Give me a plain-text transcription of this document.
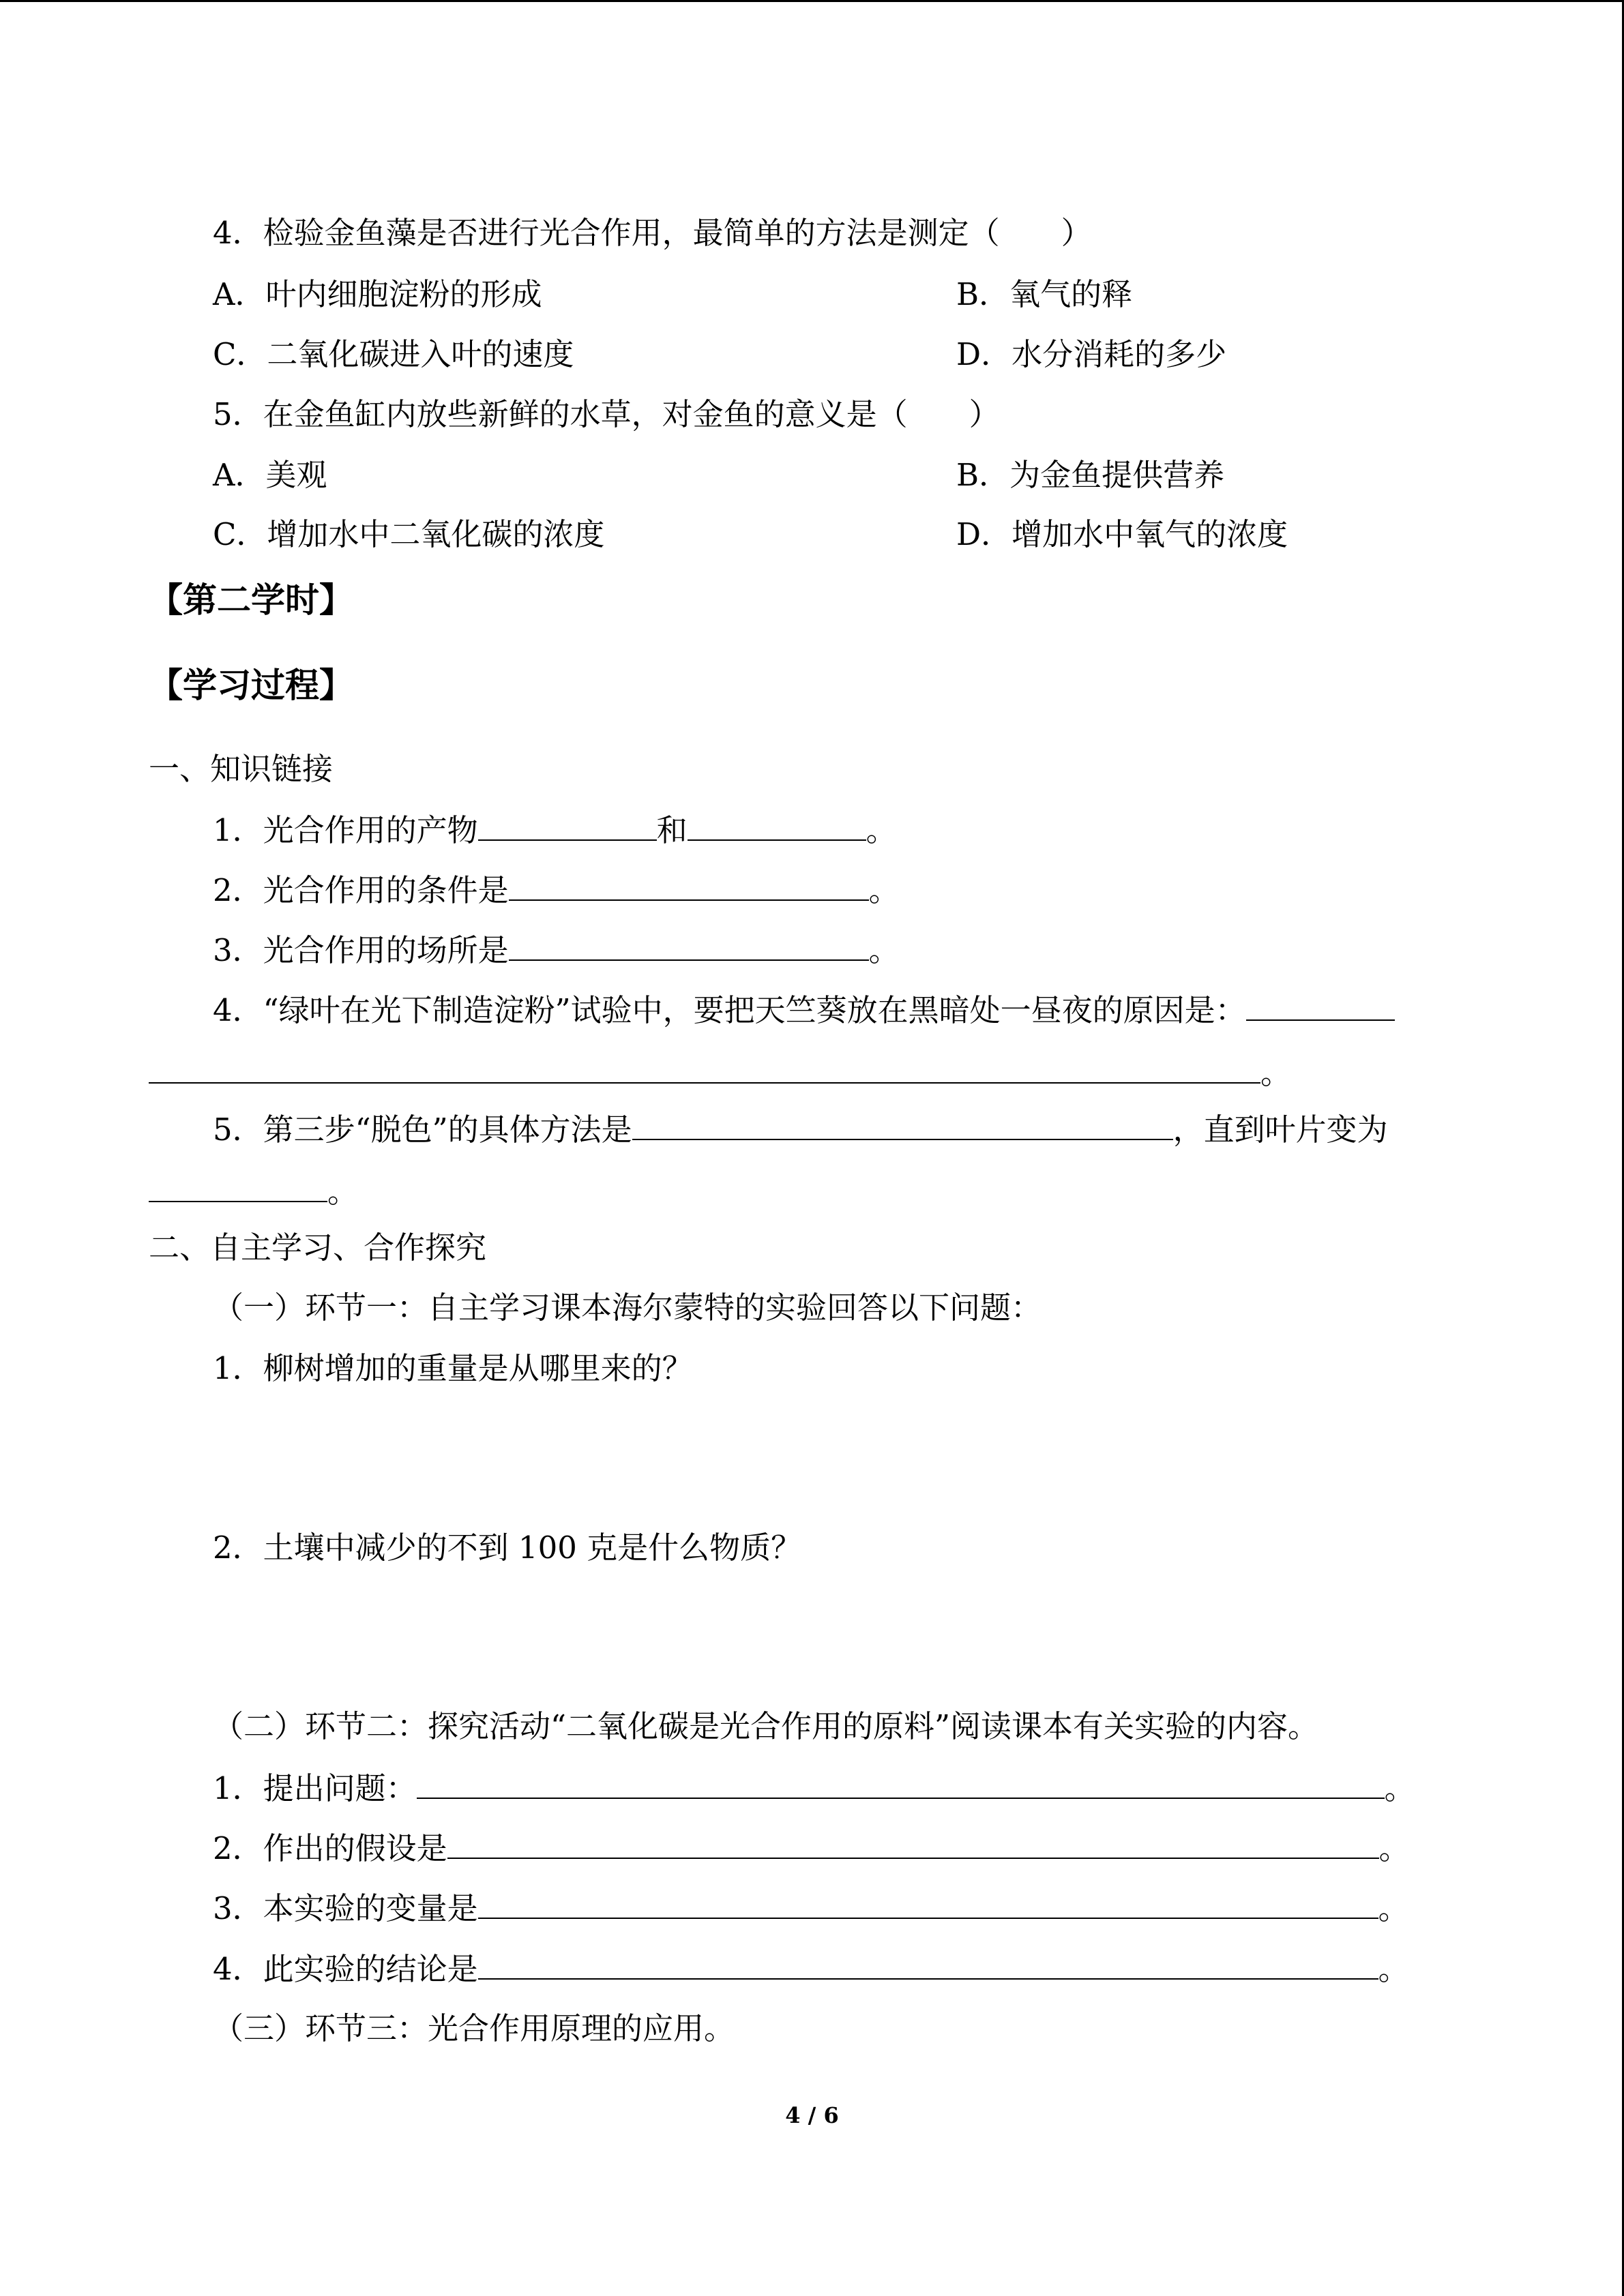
4．检验金鱼藻是否进行光合作用，最简单的方法是测定（　　）
A．叶内细胞淀粉的形成	B．氧气的释
C．二氧化碳进入叶的速度	D．水分消耗的多少
5．在金鱼缸内放些新鲜的水草，对金鱼的意义是（　　）
A．美观	B．为金鱼提供营养
C．增加水中二氧化碳的浓度	D．增加水中氧气的浓度
【第二学时】
【学习过程】
一、知识链接
1．光合作用的产物	和	。
2．光合作用的条件是	。
3．光合作用的场所是	。
4．“绿叶在光下制造淀粉”试验中，要把天竺葵放在黑暗处一昼夜的原因是：
。
5．第三步“脱色”的具体方法是	，直到叶片变为
。
二、自主学习、合作探究
（一）环节一：自主学习课本海尔蒙特的实验回答以下问题：
1．柳树增加的重量是从哪里来的？
2．土壤中减少的不到 100 克是什么物质？
（二）环节二：探究活动“二氧化碳是光合作用的原料”阅读课本有关实验的内容。
1．提出问题：	。
2．作出的假设是	。
3．本实验的变量是	。
4．此实验的结论是	。
（三）环节三：光合作用原理的应用。
4 / 6
